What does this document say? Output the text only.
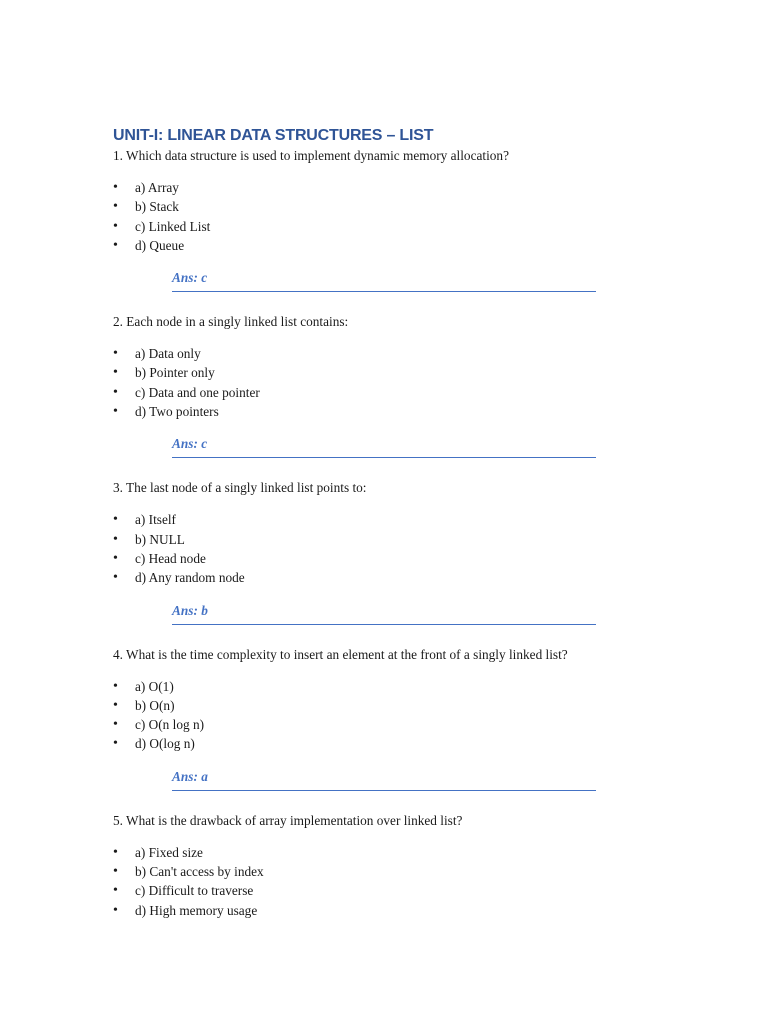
UNIT-I: LINEAR DATA STRUCTURES – LIST

1. Which data structure is used to implement dynamic memory allocation?

• a) Array
• b) Stack
• c) Linked List
• d) Queue
Ans: c

2. Each node in a singly linked list contains:

• a) Data only
• b) Pointer only
• c) Data and one pointer
• d) Two pointers
Ans: c

3. The last node of a singly linked list points to:

• a) Itself
• b) NULL
• c) Head node
• d) Any random node
Ans: b

4. What is the time complexity to insert an element at the front of a singly linked list?

• a) O(1)
• b) O(n)
• c) O(n log n)
• d) O(log n)
Ans: a

5. What is the drawback of array implementation over linked list?

• a) Fixed size
• b) Can't access by index
• c) Difficult to traverse
• d) High memory usage
